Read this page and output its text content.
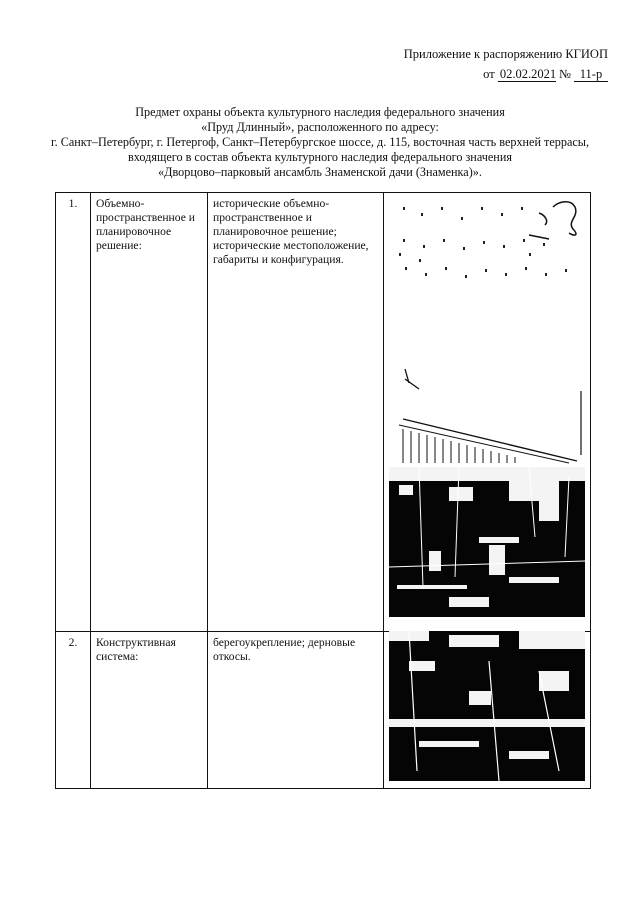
Приложение к распоряжению КГИОП
от 02.02.2021 № 11-р
Предмет охраны объекта культурного наследия федерального значения
«Пруд Длинный», расположенного по адресу:
г. Санкт–Петербург, г. Петергоф, Санкт–Петербургское шоссе, д. 115, восточная часть верхней террасы,
входящего в состав объекта культурного наследия федерального значения
«Дворцово–парковый ансамбль Знаменской дачи (Знаменка)».
1.	Объемно-пространственное и планировочное решение:	исторические объемно-пространственное и планировочное решение; исторические местоположение, габариты и конфигурация.	

2.	Конструктивная система:	берегоукрепление; дерновые откосы.	
